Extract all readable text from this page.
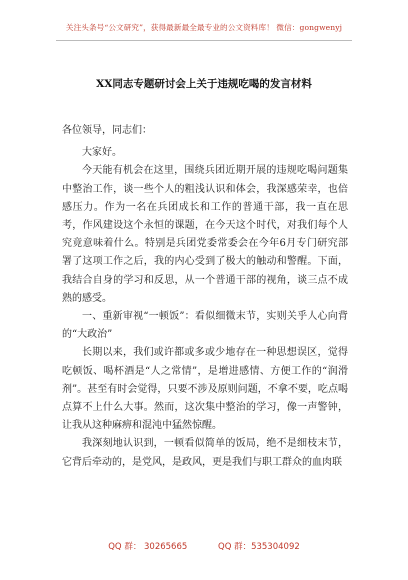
关注头条号“公文研究”，获得最新最全最专业的公文资料库！ 微信：gongwenyj
XX同志专题研讨会上关于违规吃喝的发言材料

各位领导，同志们：

大家好。

今天能有机会在这里，围绕兵团近期开展的违规吃喝问题集中整治工作，谈一些个人的粗浅认识和体会，我深感荣幸，也倍感压力。作为一名在兵团成长和工作的普通干部，我一直在思考，作风建设这个永恒的课题，在今天这个时代，对我们每个人究竟意味着什么。特别是兵团党委常委会在今年6月专门研究部署了这项工作之后，我的内心受到了极大的触动和警醒。下面，我结合自身的学习和反思，从一个普通干部的视角，谈三点不成熟的感受。

一、重新审视“一顿饭”：看似细微末节，实则关乎人心向背的“大政治”

长期以来，我们或许都或多或少地存在一种思想误区，觉得吃顿饭、喝杯酒是“人之常情”，是增进感情、方便工作的“润滑剂”。甚至有时会觉得，只要不涉及原则问题，不拿不要，吃点喝点算不上什么大事。然而，这次集中整治的学习，像一声警钟，让我从这种麻痹和混沌中猛然惊醒。

我深刻地认识到，一顿看似简单的饭局，绝不是细枝末节，它背后牵动的，是党风，是政风，更是我们与职工群众的血肉联

QQ 群： 30265665	QQ 群：535304092
